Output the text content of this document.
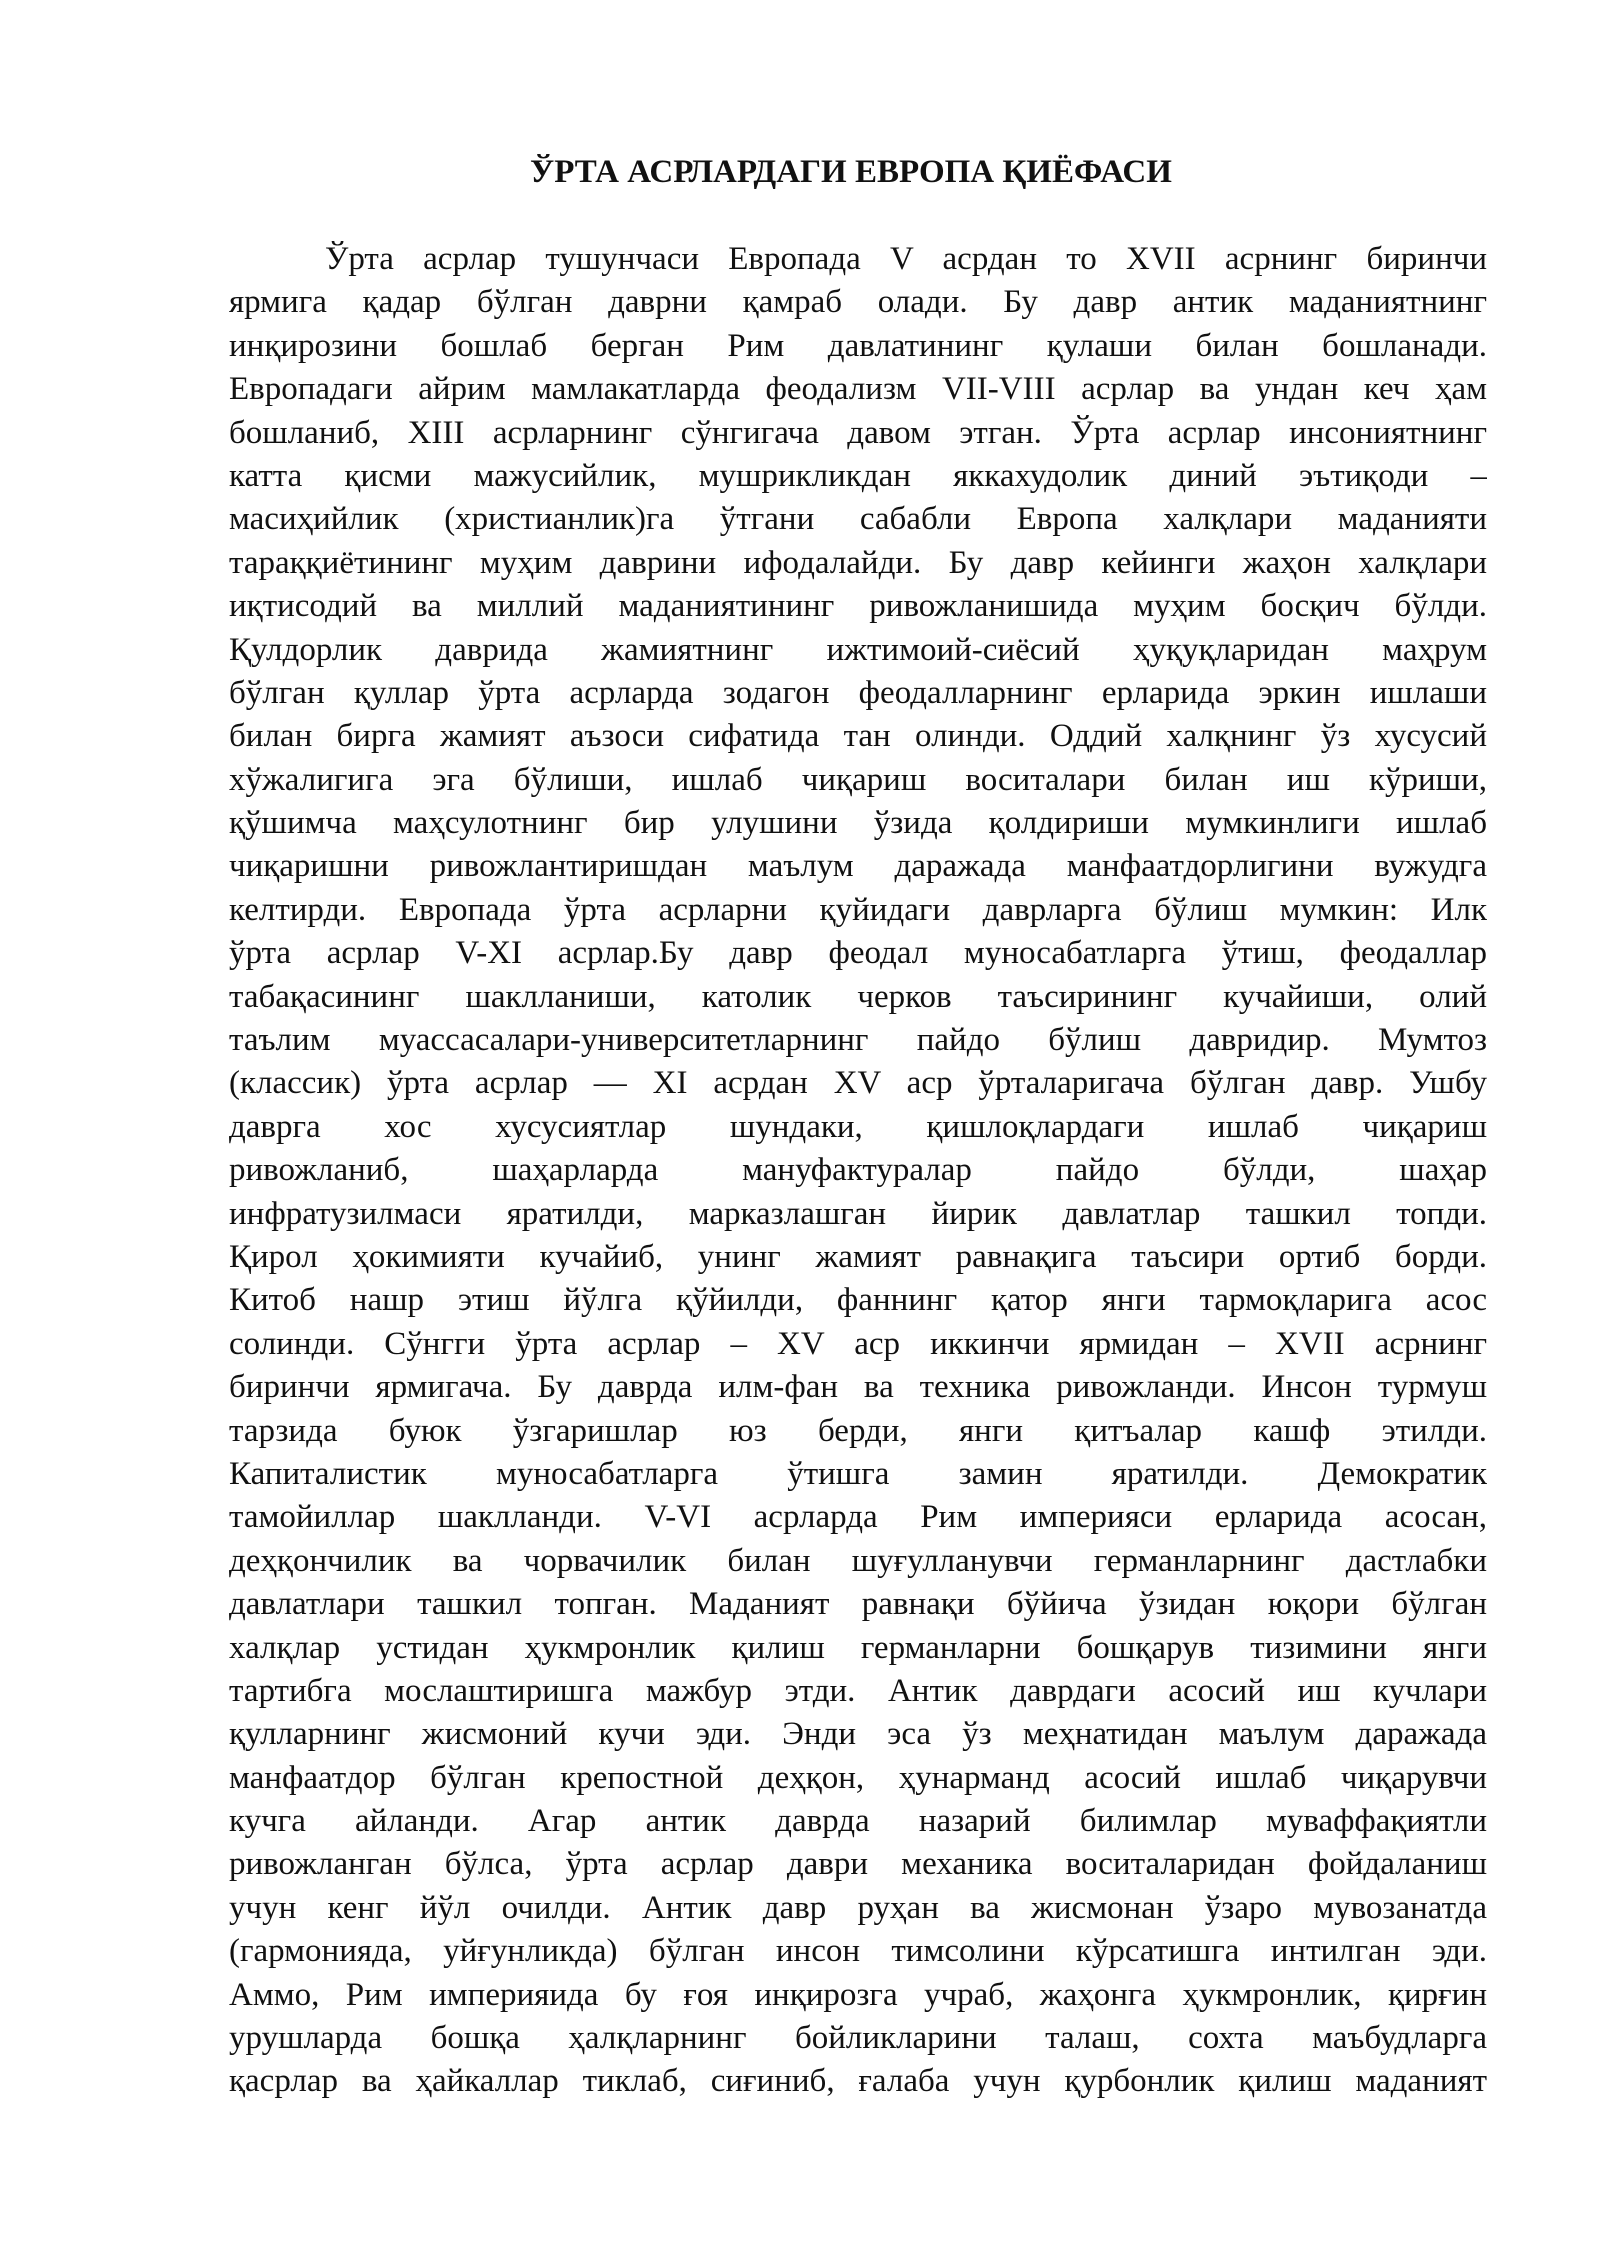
ЎРТА АСРЛАРДАГИ ЕВРОПА ҚИЁФАСИ
Ўрта асрлар тушунчаси Европада V асрдан то XVII асрнинг биринчи
ярмига қадар бўлган даврни қамраб олади. Бу давр антик маданиятнинг
инқирозини бошлаб берган Рим давлатининг қулаши билан бошланади.
Европадаги айрим мамлакатларда феодализм VII-VIII асрлар ва ундан кеч ҳам
бошланиб, XIII асрларнинг сўнгигача давом этган. Ўрта асрлар инсониятнинг
катта қисми мажусийлик, мушрикликдан яккахудолик диний эътиқоди –
масиҳийлик (христианлик)га ўтгани сабабли Европа халқлари маданияти
тараққиётининг муҳим даврини ифодалайди. Бу давр кейинги жаҳон халқлари
иқтисодий ва миллий маданиятининг ривожланишида муҳим босқич бўлди.
Қулдорлик даврида жамиятнинг ижтимоий-сиёсий ҳуқуқларидан маҳрум
бўлган қуллар ўрта асрларда зодагон феодалларнинг ерларида эркин ишлаши
билан бирга жамият аъзоси сифатида тан олинди. Оддий халқнинг ўз хусусий
хўжалигига эга бўлиши, ишлаб чиқариш воситалари билан иш кўриши,
қўшимча маҳсулотнинг бир улушини ўзида қолдириши мумкинлиги ишлаб
чиқаришни ривожлантиришдан маълум даражада манфаатдорлигини вужудга
келтирди. Европада ўрта асрларни қуйидаги даврларга бўлиш мумкин: Илк
ўрта асрлар V-XI асрлар.Бу давр феодал муносабатларга ўтиш, феодаллар
табақасининг шаклланиши, католик черков таъсирининг кучайиши, олий
таълим муассасалари-университетларнинг пайдо бўлиш давридир. Мумтоз
(классик) ўрта асрлар — XI асрдан XV аср ўрталаригача бўлган давр. Ушбу
даврга хос хусусиятлар шундаки, қишлоқлардаги ишлаб чиқариш
ривожланиб, шаҳарларда мануфактуралар пайдо бўлди, шаҳар
инфратузилмаси яратилди, марказлашган йирик давлатлар ташкил топди.
Қирол ҳокимияти кучайиб, унинг жамият равнақига таъсири ортиб борди.
Китоб нашр этиш йўлга қўйилди, фаннинг қатор янги тармоқларига асос
солинди. Сўнгги ўрта асрлар – XV аср иккинчи ярмидан – XVII асрнинг
биринчи ярмигача. Бу даврда илм-фан ва техника ривожланди. Инсон турмуш
тарзида буюк ўзгаришлар юз берди, янги қитъалар кашф этилди.
Капиталистик муносабатларга ўтишга замин яратилди. Демократик
тамойиллар шаклланди. V-VI асрларда Рим империяси ерларида асосан,
деҳқончилик ва чорвачилик билан шуғулланувчи германларнинг дастлабки
давлатлари ташкил топган. Маданият равнақи бўйича ўзидан юқори бўлган
халқлар устидан ҳукмронлик қилиш германларни бошқарув тизимини янги
тартибга мослаштиришга мажбур этди. Антик даврдаги асосий иш кучлари
қулларнинг жисмоний кучи эди. Энди эса ўз меҳнатидан маълум даражада
манфаатдор бўлган крепостной деҳқон, ҳунарманд асосий ишлаб чиқарувчи
кучга айланди. Агар антик даврда назарий билимлар муваффақиятли
ривожланган бўлса, ўрта асрлар даври механика воситаларидан фойдаланиш
учун кенг йўл очилди. Антик давр руҳан ва жисмонан ўзаро мувозанатда
(гармонияда, уйғунликда) бўлган инсон тимсолини кўрсатишга интилган эди.
Аммо, Рим империяида бу ғоя инқирозга учраб, жаҳонга ҳукмронлик, қирғин
урушларда бошқа ҳалқларнинг бойликларини талаш, сохта маъбудларга
қасрлар ва ҳайкаллар тиклаб, сиғиниб, ғалаба учун қурбонлик қилиш маданият
